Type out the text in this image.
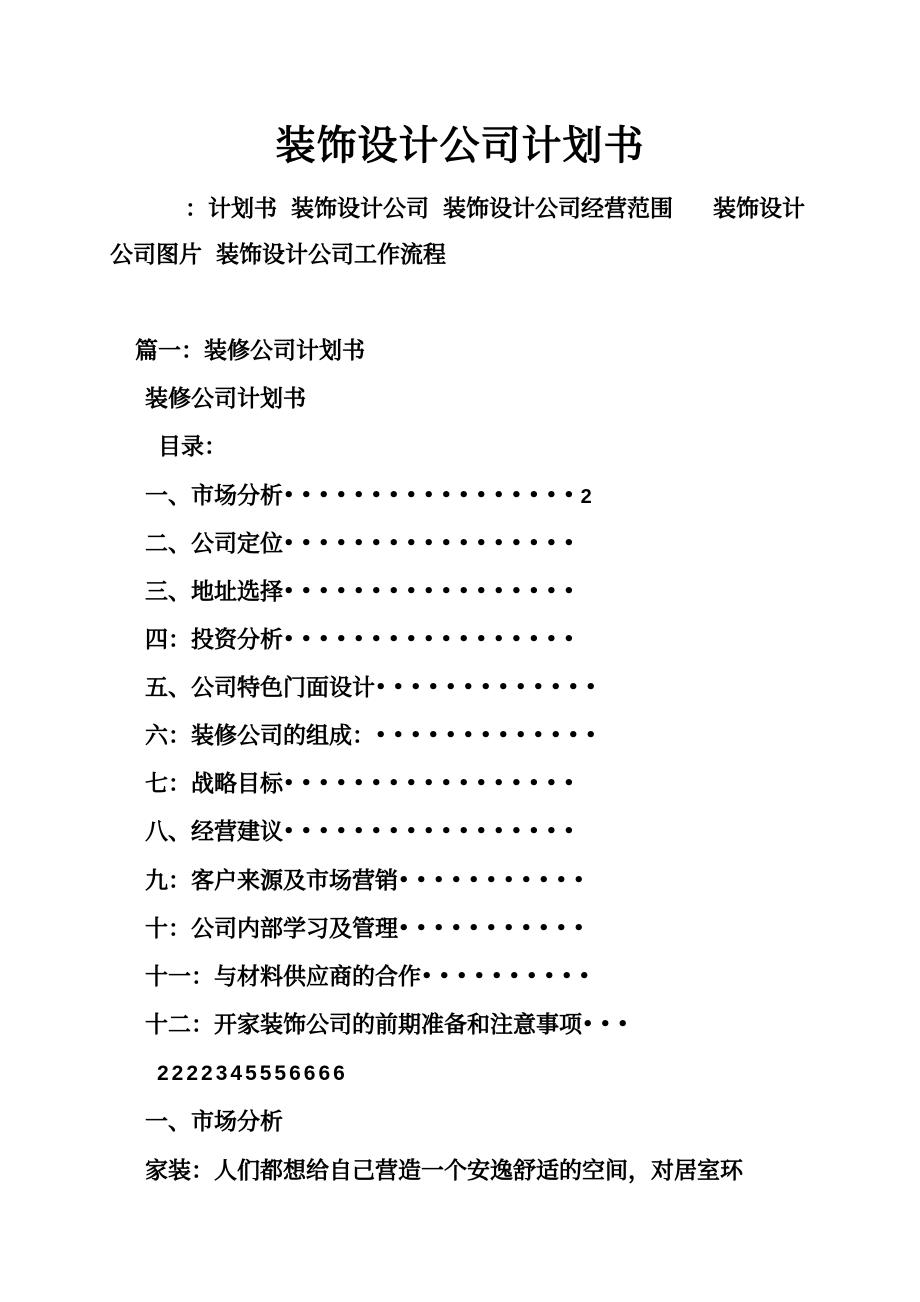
装饰设计公司计划书
：计划书 装饰设计公司 装饰设计公司经营范围 装饰设计公司图片 装饰设计公司工作流程
篇一：装修公司计划书
装修公司计划书
目录：
一、市场分析•••••••••••••••••2
二、公司定位•••••••••••••••••
三、地址选择•••••••••••••••••
四：投资分析•••••••••••••••••
五、公司特色门面设计•••••••••••••
六：装修公司的组成：•••••••••••••
七：战略目标•••••••••••••••••
八、经营建议•••••••••••••••••
九：客户来源及市场营销•••••••••••
十：公司内部学习及管理•••••••••••
十一：与材料供应商的合作••••••••••
十二：开家装饰公司的前期准备和注意事项•••
2222345556666
一、市场分析
家装：人们都想给自己营造一个安逸舒适的空间，对居室环
